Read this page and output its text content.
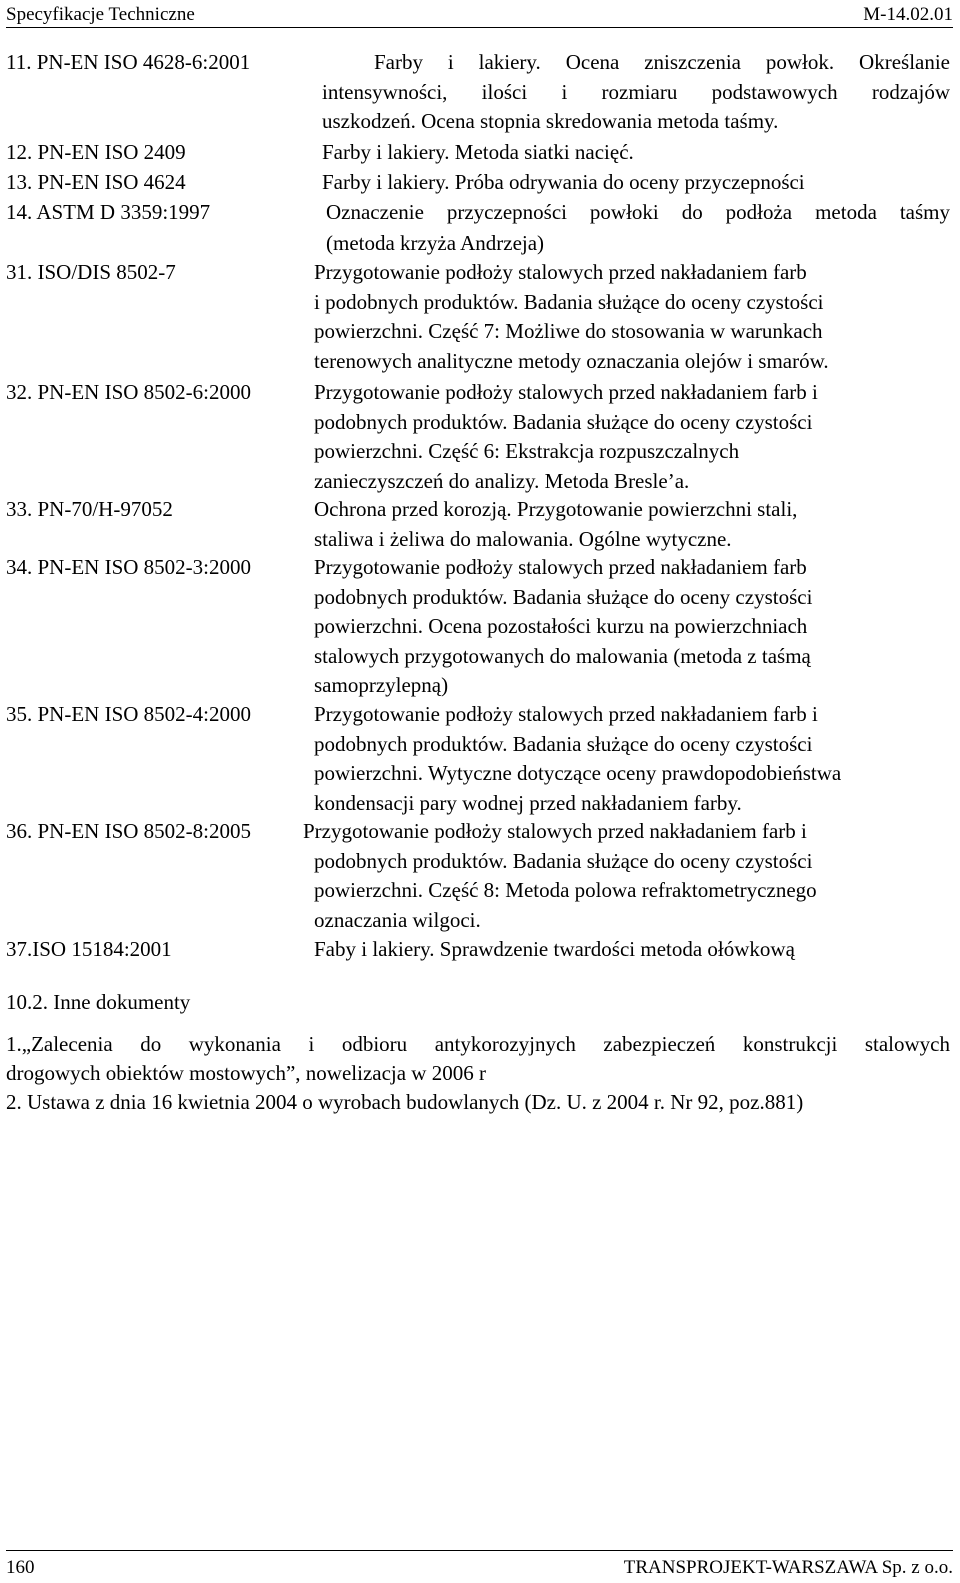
Specyfikacje Techniczne	M-14.02.01
11. PN-EN ISO 4628-6:2001	Farby i lakiery. Ocena zniszczenia powłok. Określanie
intensywności, ilości i rozmiaru podstawowych rodzajów
uszkodzeń. Ocena stopnia skredowania metoda taśmy.
12. PN-EN ISO 2409	Farby i lakiery. Metoda siatki nacięć.
13. PN-EN ISO 4624	Farby i lakiery. Próba odrywania do oceny przyczepności
14. ASTM D 3359:1997	Oznaczenie przyczepności powłoki do podłoża metoda taśmy
(metoda krzyża Andrzeja)
31. ISO/DIS 8502-7	Przygotowanie podłoży stalowych przed nakładaniem farb
i podobnych produktów. Badania służące do oceny czystości
powierzchni. Część 7: Możliwe do stosowania w warunkach
terenowych analityczne metody oznaczania olejów i smarów.
32. PN-EN ISO 8502-6:2000	Przygotowanie podłoży stalowych przed nakładaniem farb i
podobnych produktów. Badania służące do oceny czystości
powierzchni. Część 6: Ekstrakcja rozpuszczalnych
zanieczyszczeń do analizy. Metoda Bresle’a.
33. PN-70/H-97052	Ochrona przed korozją. Przygotowanie powierzchni stali,
staliwa i żeliwa do malowania. Ogólne wytyczne.
34. PN-EN ISO 8502-3:2000	Przygotowanie podłoży stalowych przed nakładaniem farb
podobnych produktów. Badania służące do oceny czystości
powierzchni. Ocena pozostałości kurzu na powierzchniach
stalowych przygotowanych do malowania (metoda z taśmą
samoprzylepną)
35. PN-EN ISO 8502-4:2000	Przygotowanie podłoży stalowych przed nakładaniem farb i
podobnych produktów. Badania służące do oceny czystości
powierzchni. Wytyczne dotyczące oceny prawdopodobieństwa
kondensacji pary wodnej przed nakładaniem farby.
36. PN-EN ISO 8502-8:2005 Przygotowanie podłoży stalowych przed nakładaniem farb i
podobnych produktów. Badania służące do oceny czystości
powierzchni. Część 8: Metoda polowa refraktometrycznego
oznaczania wilgoci.
37.ISO 15184:2001	Faby i lakiery. Sprawdzenie twardości metoda ołówkową
10.2. Inne dokumenty
1.„Zalecenia do wykonania i odbioru antykorozyjnych zabezpieczeń konstrukcji stalowych
drogowych obiektów mostowych”, nowelizacja w 2006 r
2. Ustawa z dnia 16 kwietnia 2004 o wyrobach budowlanych (Dz. U. z 2004 r. Nr 92, poz.881)
160	TRANSPROJEKT-WARSZAWA Sp. z o.o.
